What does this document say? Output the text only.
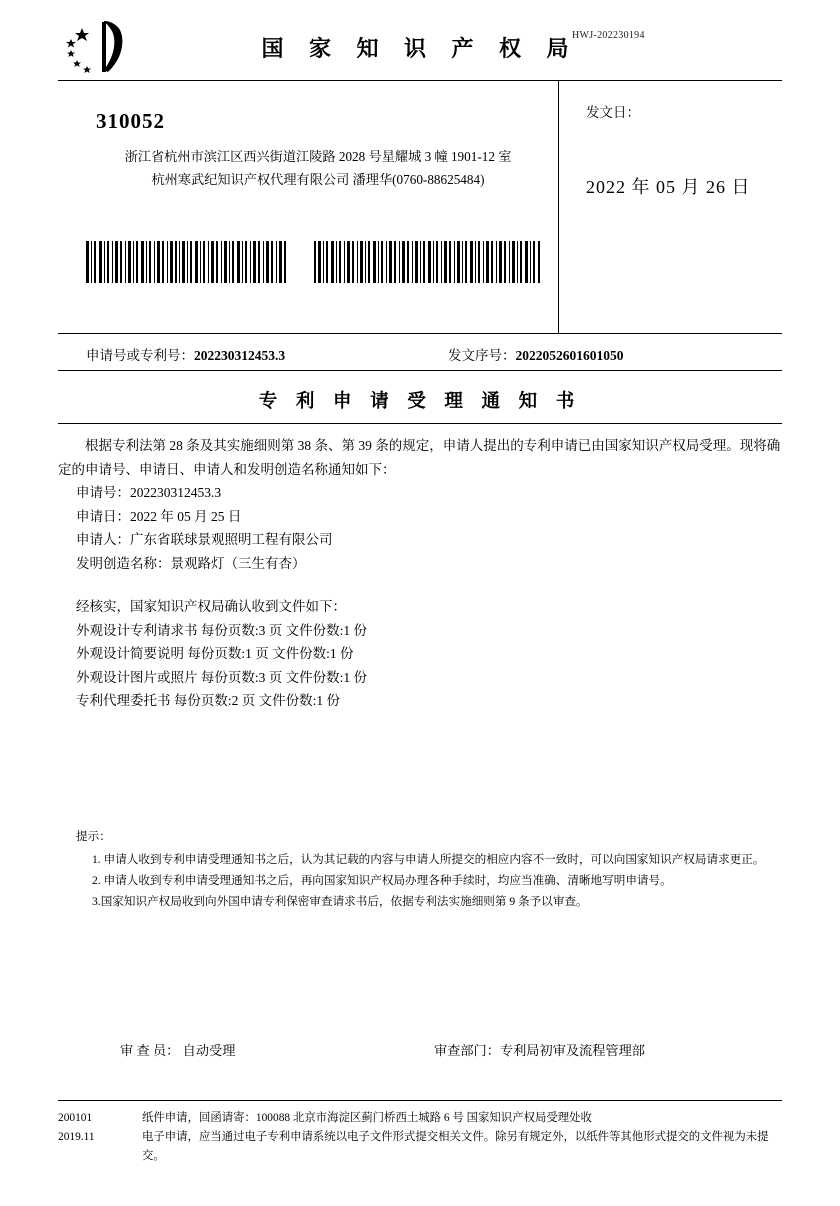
HWJ-202230194
国 家 知 识 产 权 局
310052
浙江省杭州市滨江区西兴街道江陵路 2028 号星耀城 3 幢 1901-12 室
杭州寒武纪知识产权代理有限公司 潘理华(0760-88625484)
发文日：
2022 年 05 月 26 日
申请号或专利号：202230312453.3	发文序号：2022052601601050
专 利 申 请 受 理 通 知 书

根据专利法第 28 条及其实施细则第 38 条、第 39 条的规定，申请人提出的专利申请已由国家知识产权局受理。现将确定的申请号、申请日、申请人和发明创造名称通知如下：

申请号：202230312453.3

申请日：2022 年 05 月 25 日

申请人：广东省联球景观照明工程有限公司

发明创造名称：景观路灯（三生有杏）

经核实，国家知识产权局确认收到文件如下：

外观设计专利请求书 每份页数:3 页 文件份数:1 份

外观设计简要说明 每份页数:1 页 文件份数:1 份

外观设计图片或照片 每份页数:3 页 文件份数:1 份

专利代理委托书 每份页数:2 页 文件份数:1 份

提示：

1. 申请人收到专利申请受理通知书之后，认为其记载的内容与申请人所提交的相应内容不一致时，可以向国家知识产权局请求更正。

2. 申请人收到专利申请受理通知书之后，再向国家知识产权局办理各种手续时，均应当准确、清晰地写明申请号。

3.国家知识产权局收到向外国申请专利保密审查请求书后，依据专利法实施细则第 9 条予以审查。

审 查 员： 自动受理	审查部门：专利局初审及流程管理部
200101	纸件申请，回函请寄：100088 北京市海淀区蓟门桥西土城路 6 号 国家知识产权局受理处收
2019.11	电子申请，应当通过电子专利申请系统以电子文件形式提交相关文件。除另有规定外，以纸件等其他形式提交的文件视为未提交。
